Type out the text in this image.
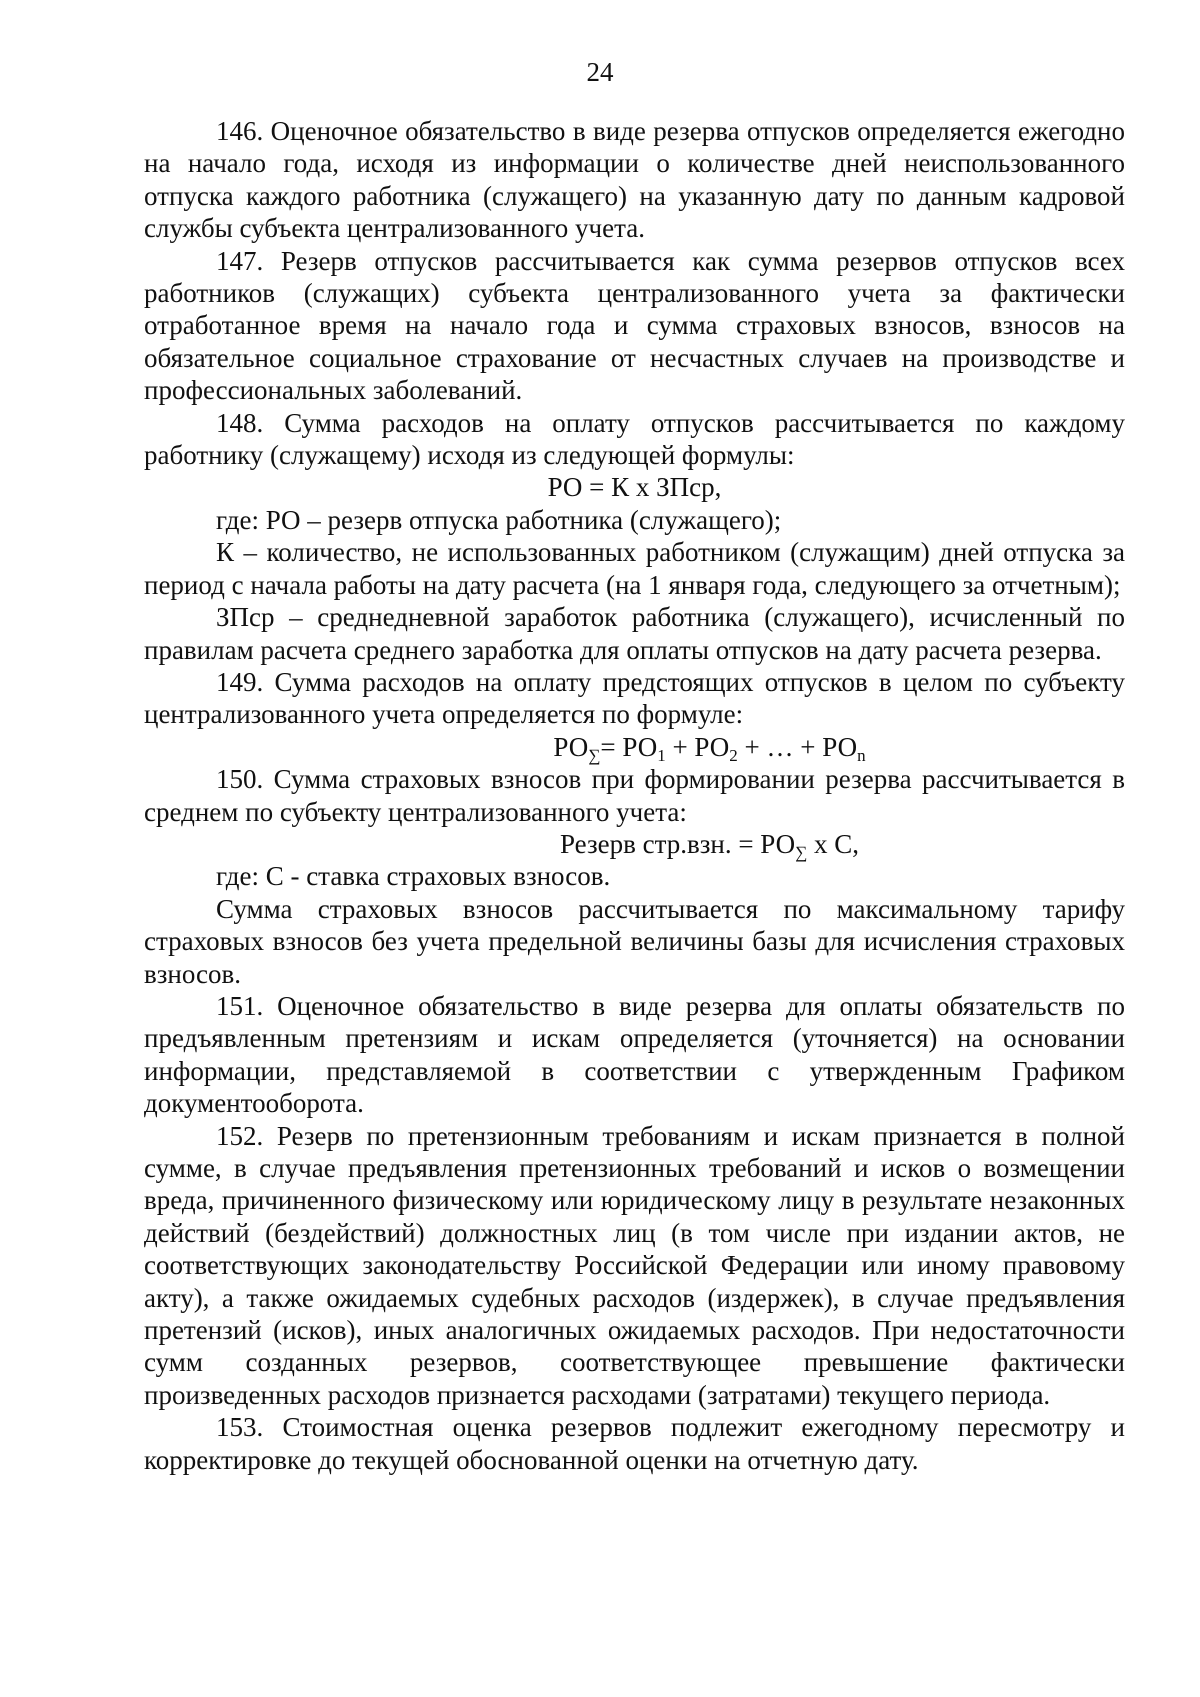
24

146. Оценочное обязательство в виде резерва отпусков определяется ежегодно на начало года, исходя из информации о количестве дней неиспользованного отпуска каждого работника (служащего) на указанную дату по данным кадровой службы субъекта централизованного учета.

147. Резерв отпусков рассчитывается как сумма резервов отпусков всех работников (служащих) субъекта централизованного учета за фактически отработанное время на начало года и сумма страховых взносов, взносов на обязательное социальное страхование от несчастных случаев на производстве и профессиональных заболеваний.

148. Сумма расходов на оплату отпусков рассчитывается по каждому работнику (служащему) исходя из следующей формулы:

РО = К х ЗПср,

где: РО – резерв отпуска работника (служащего);

К – количество, не использованных работником (служащим) дней отпуска за период с начала работы на дату расчета (на 1 января года, следующего за отчетным);

ЗПср – среднедневной заработок работника (служащего), исчисленный по правилам расчета среднего заработка для оплаты отпусков на дату расчета резерва.

149. Сумма расходов на оплату предстоящих отпусков в целом по субъекту централизованного учета определяется по формуле:

$РО_\sum= РО_1 + РО_2$ + … + $РО_n$

150. Сумма страховых взносов при формировании резерва рассчитывается в среднем по субъекту централизованного учета:

Резерв стр.взн. = $РО_\sum$ х С,

где: С - ставка страховых взносов.

Сумма страховых взносов рассчитывается по максимальному тарифу страховых взносов без учета предельной величины базы для исчисления страховых взносов.

151. Оценочное обязательство в виде резерва для оплаты обязательств по предъявленным претензиям и искам определяется (уточняется) на основании информации, представляемой в соответствии с утвержденным Графиком документооборота.

152. Резерв по претензионным требованиям и искам признается в полной сумме, в случае предъявления претензионных требований и исков о возмещении вреда, причиненного физическому или юридическому лицу в результате незаконных действий (бездействий) должностных лиц (в том числе при издании актов, не соответствующих законодательству Российской Федерации или иному правовому акту), а также ожидаемых судебных расходов (издержек), в случае предъявления претензий (исков), иных аналогичных ожидаемых расходов. При недостаточности сумм созданных резервов, соответствующее превышение фактически произведенных расходов признается расходами (затратами) текущего периода.

153. Стоимостная оценка резервов подлежит ежегодному пересмотру и корректировке до текущей обоснованной оценки на отчетную дату.
